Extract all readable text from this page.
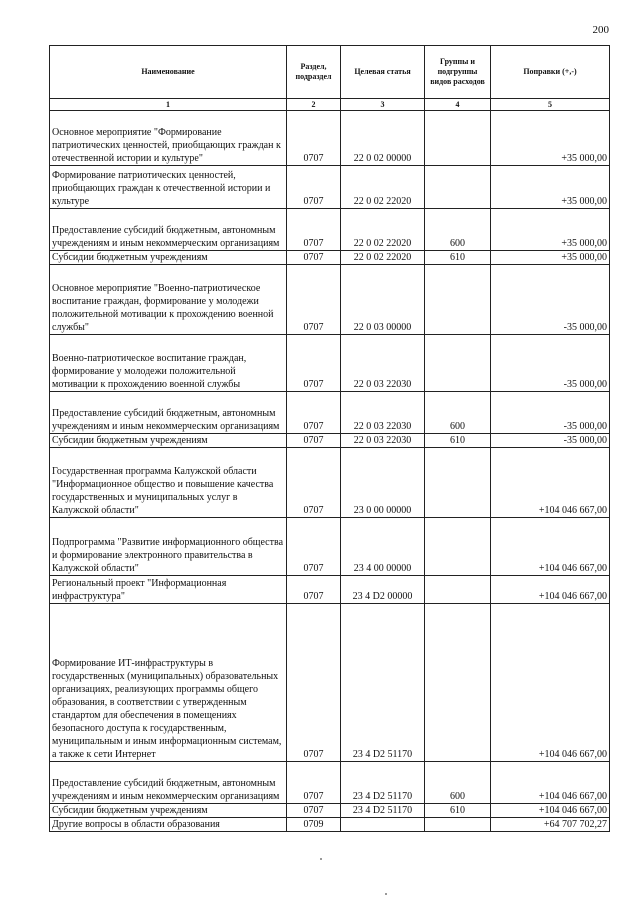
200
Наименование	Раздел, подраздел	Целевая статья	Группы и подгруппы видов расходов	Поправки (+,-)
1	2	3	4	5
Основное мероприятие "Формирование патриотических ценностей, приобщающих граждан к отечественной истории и культуре"	0707	22 0 02 00000		+35 000,00
Формирование патриотических ценностей, приобщающих граждан к отечественной истории и культуре	0707	22 0 02 22020		+35 000,00
Предоставление субсидий бюджетным, автономным учреждениям и иным некоммерческим организациям	0707	22 0 02 22020	600	+35 000,00
Субсидии бюджетным учреждениям	0707	22 0 02 22020	610	+35 000,00
Основное мероприятие "Военно-патриотическое воспитание граждан, формирование у молодежи положительной мотивации к прохождению военной службы"	0707	22 0 03 00000		-35 000,00
Военно-патриотическое воспитание граждан, формирование у молодежи положительной мотивации к прохождению военной службы	0707	22 0 03 22030		-35 000,00
Предоставление субсидий бюджетным, автономным учреждениям и иным некоммерческим организациям	0707	22 0 03 22030	600	-35 000,00
Субсидии бюджетным учреждениям	0707	22 0 03 22030	610	-35 000,00
Государственная программа Калужской области "Информационное общество и повышение качества государственных и муниципальных услуг в Калужской области"	0707	23 0 00 00000		+104 046 667,00
Подпрограмма "Развитие информационного общества и формирование электронного правительства в Калужской области"	0707	23 4 00 00000		+104 046 667,00
Региональный проект "Информационная инфраструктура"	0707	23 4 D2 00000		+104 046 667,00
Формирование ИТ-инфраструктуры в государственных (муниципальных) образовательных организациях, реализующих программы общего образования, в соответствии с утвержденным стандартом для обеспечения в помещениях безопасного доступа к государственным, муниципальным и иным информационным системам, а также к сети Интернет	0707	23 4 D2 51170		+104 046 667,00
Предоставление субсидий бюджетным, автономным учреждениям и иным некоммерческим организациям	0707	23 4 D2 51170	600	+104 046 667,00
Субсидии бюджетным учреждениям	0707	23 4 D2 51170	610	+104 046 667,00
Другие вопросы в области образования	0709			+64 707 702,27
